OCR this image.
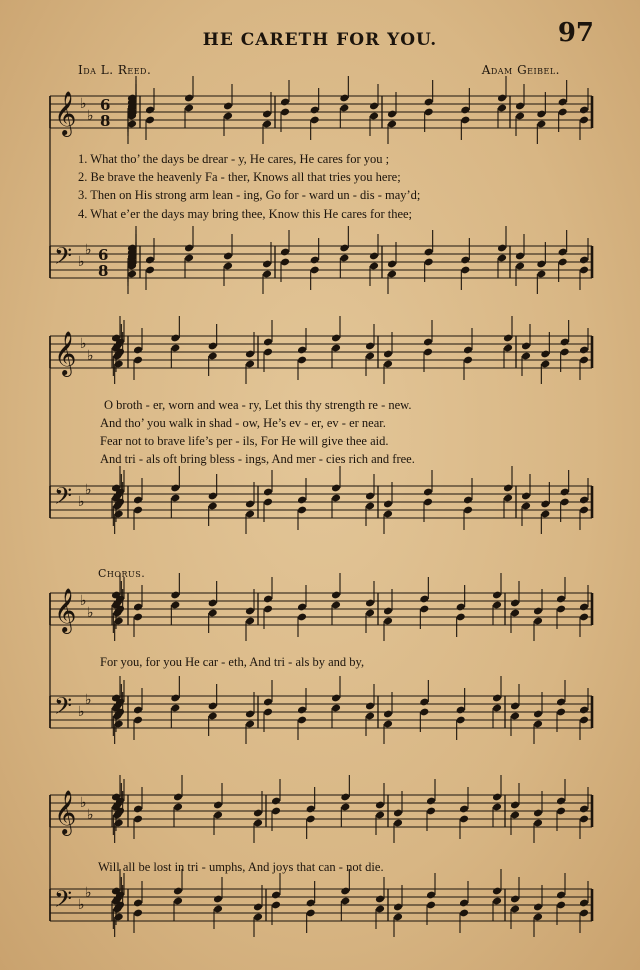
97
HE CARETH FOR YOU.
Ida L. Reed.	Adam Geibel.
𝄞 ♭
♭
6
8
𝄢 ♭
♭ 6
8
𝄞 ♭
♭
𝄢 ♭
♭
𝄞 ♭
♭
𝄢 ♭
♭
𝄞 ♭
♭
𝄢 ♭
♭
1. What tho’ the days be drear - y, He cares, He cares for you ;
2. Be brave the heavenly Fa - ther, Knows all that tries you here;
3. Then on His strong arm lean - ing, Go for - ward un - dis - may’d;
4. What e’er the days may bring thee, Know this He cares for thee;
O broth - er, worn and wea - ry, Let this thy strength re - new.
And tho’ you walk in shad - ow, He’s ev - er, ev - er near.
Fear not to brave life’s per - ils, For He will give thee aid.
And tri - als oft bring bless - ings, And mer - cies rich and free.
Chorus.
For you, for you He car - eth, And tri - als by and by,
Will all be lost in tri - umphs, And joys that can - not die.
